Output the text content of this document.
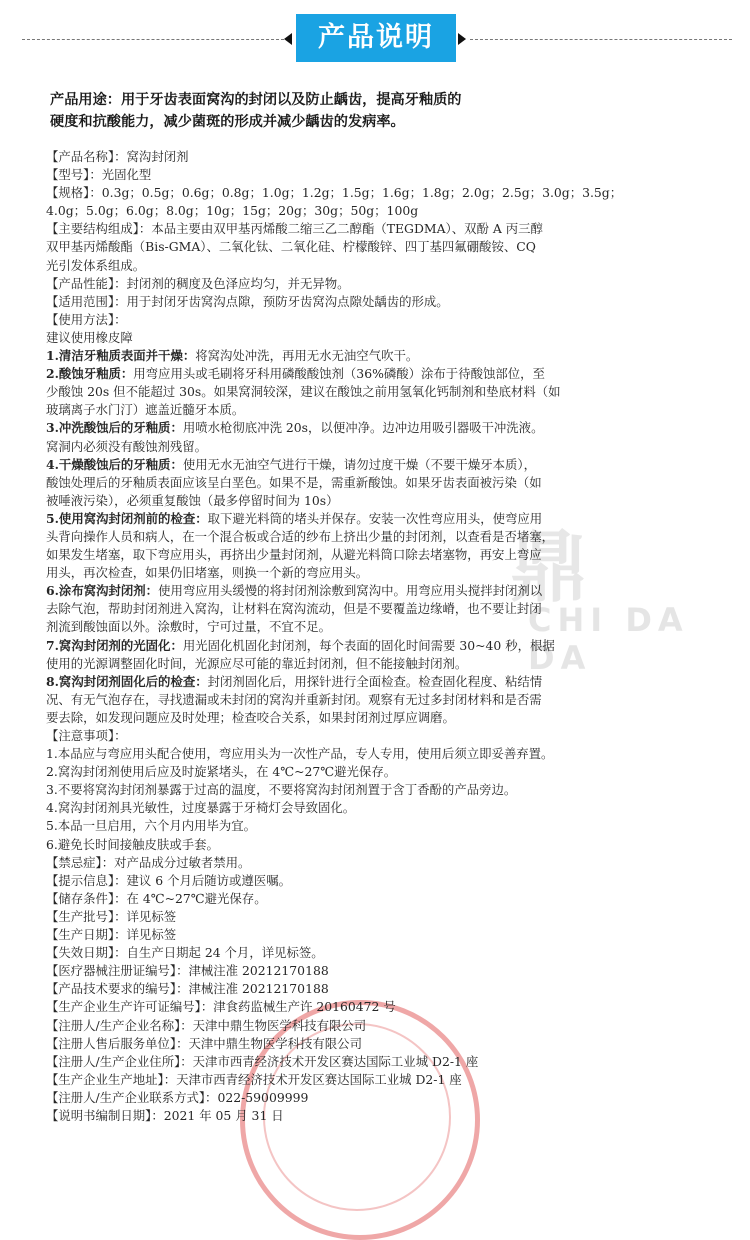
产品说明
产品用途：用于牙齿表面窝沟的封闭以及防止龋齿，提高牙釉质的
硬度和抗酸能力，减少菌斑的形成并减少龋齿的发病率。
鼎
CHI DA DA

【产品名称】：窝沟封闭剂

【型号】：光固化型

【规格】：0.3g；0.5g；0.6g；0.8g；1.0g；1.2g；1.5g；1.6g；1.8g；2.0g；2.5g；3.0g；3.5g；

4.0g；5.0g；6.0g；8.0g；10g；15g；20g；30g；50g；100g

【主要结构组成】：本品主要由双甲基丙烯酸二缩三乙二醇酯（TEGDMA）、双酚 A 丙三醇

双甲基丙烯酸酯（Bis-GMA）、二氧化钛、二氧化硅、柠檬酸锌、四丁基四氟硼酸铵、CQ

光引发体系组成。

【产品性能】：封闭剂的稠度及色泽应均匀，并无异物。

【适用范围】：用于封闭牙齿窝沟点隙，预防牙齿窝沟点隙处龋齿的形成。

【使用方法】：

建议使用橡皮障

1.清洁牙釉质表面并干燥：将窝沟处冲洗，再用无水无油空气吹干。

2.酸蚀牙釉质：用弯应用头或毛刷将牙科用磷酸酸蚀剂（36%磷酸）涂布于待酸蚀部位，至

少酸蚀 20s 但不能超过 30s。如果窝洞较深，建议在酸蚀之前用氢氧化钙制剂和垫底材料（如

玻璃离子水门汀）遮盖近髓牙本质。

3.冲洗酸蚀后的牙釉质：用喷水枪彻底冲洗 20s，以便冲净。边冲边用吸引器吸干冲洗液。

窝洞内必须没有酸蚀剂残留。

4.干燥酸蚀后的牙釉质：使用无水无油空气进行干燥，请勿过度干燥（不要干燥牙本质），

酸蚀处理后的牙釉质表面应该呈白垩色。如果不是，需重新酸蚀。如果牙齿表面被污染（如

被唾液污染），必须重复酸蚀（最多停留时间为 10s）

5.使用窝沟封闭剂前的检查：取下避光料筒的堵头并保存。安装一次性弯应用头，使弯应用

头背向操作人员和病人，在一个混合板或合适的纱布上挤出少量的封闭剂，以查看是否堵塞，

如果发生堵塞，取下弯应用头，再挤出少量封闭剂，从避光料筒口除去堵塞物，再安上弯应

用头，再次检查，如果仍旧堵塞，则换一个新的弯应用头。

6.涂布窝沟封闭剂：使用弯应用头缓慢的将封闭剂涂敷到窝沟中。用弯应用头搅拌封闭剂以

去除气泡，帮助封闭剂进入窝沟，让材料在窝沟流动，但是不要覆盖边缘嵴，也不要让封闭

剂流到酸蚀面以外。涂敷时，宁可过量，不宜不足。

7.窝沟封闭剂的光固化：用光固化机固化封闭剂，每个表面的固化时间需要 30~40 秒，根据

使用的光源调整固化时间，光源应尽可能的靠近封闭剂，但不能接触封闭剂。

8.窝沟封闭剂固化后的检查：封闭剂固化后，用探针进行全面检查。检查固化程度、粘结情

况、有无气泡存在，寻找遗漏或未封闭的窝沟并重新封闭。观察有无过多封闭材料和是否需

要去除，如发现问题应及时处理；检查咬合关系，如果封闭剂过厚应调磨。

【注意事项】：

1.本品应与弯应用头配合使用，弯应用头为一次性产品，专人专用，使用后须立即妥善弃置。

2.窝沟封闭剂使用后应及时旋紧堵头，在 4℃~27℃避光保存。

3.不要将窝沟封闭剂暴露于过高的温度，不要将窝沟封闭剂置于含丁香酚的产品旁边。

4.窝沟封闭剂具光敏性，过度暴露于牙椅灯会导致固化。

5.本品一旦启用，六个月内用毕为宜。

6.避免长时间接触皮肤或手套。

【禁忌症】：对产品成分过敏者禁用。

【提示信息】：建议 6 个月后随访或遵医嘱。

【储存条件】：在 4℃~27℃避光保存。

【生产批号】：详见标签

【生产日期】：详见标签

【失效日期】：自生产日期起 24 个月，详见标签。

【医疗器械注册证编号】：津械注准 20212170188

【产品技术要求的编号】：津械注准 20212170188

【生产企业生产许可证编号】：津食药监械生产许 20160472 号

【注册人/生产企业名称】：天津中鼎生物医学科技有限公司

【注册人售后服务单位】：天津中鼎生物医学科技有限公司

【注册人/生产企业住所】：天津市西青经济技术开发区赛达国际工业城 D2-1 座

【生产企业生产地址】：天津市西青经济技术开发区赛达国际工业城 D2-1 座

【注册人/生产企业联系方式】：022-59009999

【说明书编制日期】：2021 年 05 月 31 日
